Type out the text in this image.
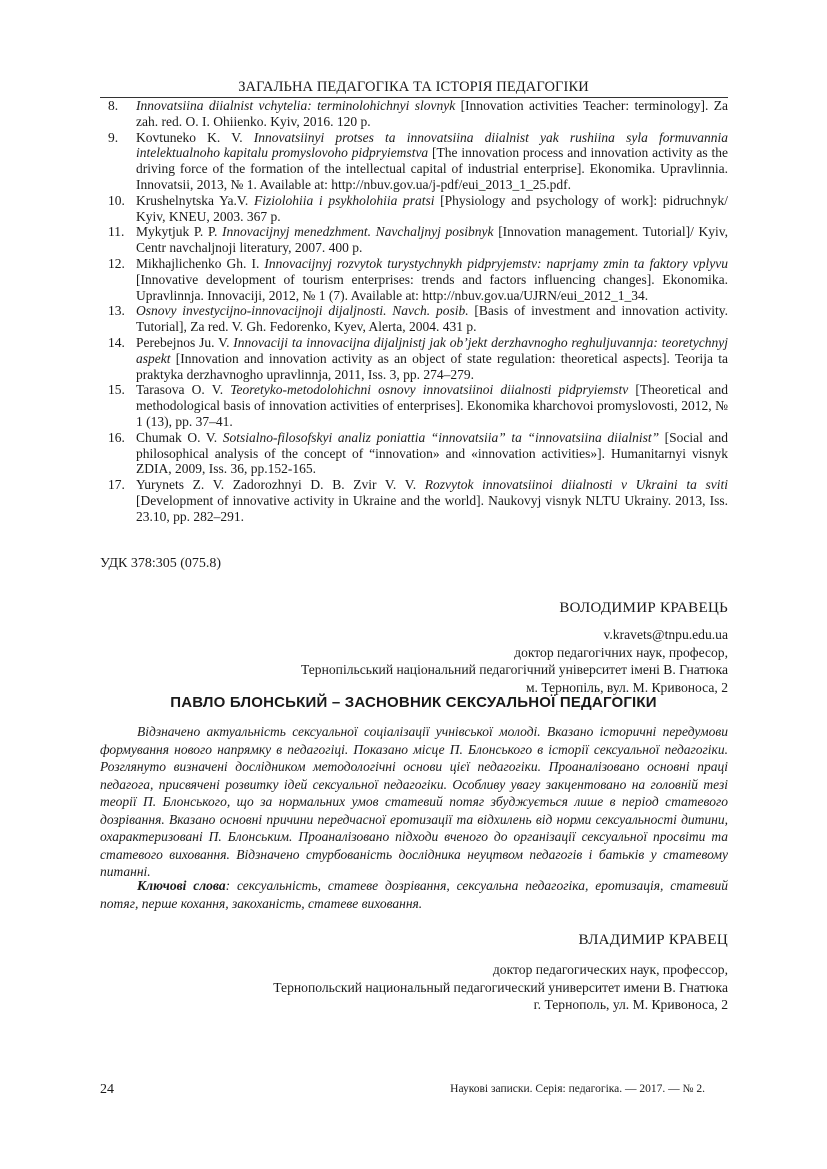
ЗАГАЛЬНА ПЕДАГОГІКА ТА ІСТОРІЯ ПЕДАГОГІКИ
8.	Innovatsiina diialnist vchytelia: terminolohichnyi slovnyk [Innovation activities Teacher: terminology]. Za zah. red. O. I. Ohiienko. Kyiv, 2016. 120 p.
9.	Kovtuneko K. V. Innovatsiinyi protses ta innovatsiina diialnist yak rushiina syla formuvannia intelektualnoho kapitalu promyslovoho pidpryiemstva [The innovation process and innovation activity as the driving force of the formation of the intellectual capital of industrial enterprise]. Ekonomika. Upravlinnia. Innovatsii, 2013, № 1. Available at: http://nbuv.gov.ua/j-pdf/eui_2013_1_25.pdf.
10. Krushelnytska Ya.V. Fiziolohiia i psykholohiia pratsi [Physiology and psychology of work]: pidruchnyk/ Kyiv, KNEU, 2003. 367 p.
11. Mykytjuk P. P. Innovacijnyj menedzhment. Navchaljnyj posibnyk [Innovation management. Tutorial]/ Kyiv, Centr navchaljnoji literatury, 2007. 400 p.
12. Mikhajlichenko Gh. I. Innovacijnyj rozvytok turystychnykh pidpryjemstv: naprjamy zmin ta faktory vplyvu [Innovative development of tourism enterprises: trends and factors influencing changes]. Ekonomika. Upravlinnja. Innovaciji, 2012, № 1 (7). Available at: http://nbuv.gov.ua/UJRN/eui_2012_1_34.
13. Osnovy investycijno-innovacijnoji dijaljnosti. Navch. posib. [Basis of investment and innovation activity. Tutorial], Za red. V. Gh. Fedorenko, Kyev, Alerta, 2004. 431 p.
14. Perebejnos Ju. V. Innovaciji ta innovacijna dijaljnistj jak ob’jekt derzhavnogho reghuljuvannja: teoretychnyj aspekt [Innovation and innovation activity as an object of state regulation: theoretical aspects]. Teorija ta praktyka derzhavnogho upravlinnja, 2011, Iss. 3, pp. 274–279.
15. Tarasova O. V. Teoretyko-metodolohichni osnovy innovatsiinoi diialnosti pidpryiemstv [Theoretical and methodological basis of innovation activities of enterprises]. Ekonomika kharchovoi promyslovosti, 2012, № 1 (13), pp. 37–41.
16. Chumak O. V. Sotsialno-filosofskyi analiz poniattia “innovatsiia” ta “innovatsiina diialnist” [Social and philosophical analysis of the concept of “innovation» and «innovation activities»]. Humanitarnyi visnyk ZDIA, 2009, Iss. 36, pp.152-165.
17. Yurynets Z. V. Zadorozhnyi D. B. Zvir V. V. Rozvytok innovatsiinoi diialnosti v Ukraini ta sviti [Development of innovative activity in Ukraine and the world]. Naukovyj visnyk NLTU Ukrainy. 2013, Iss. 23.10, pp. 282–291.
УДК 378:305 (075.8)
ВОЛОДИМИР КРАВЕЦЬ
v.kravets@tnpu.edu.ua
доктор педагогічних наук, професор,
Тернопільський національний педагогічний університет імені В. Гнатюка
м. Тернопіль, вул. М. Кривоноса, 2
ПАВЛО БЛОНСЬКИЙ – ЗАСНОВНИК СЕКСУАЛЬНОЇ ПЕДАГОГІКИ

Відзначено актуальність сексуальної соціалізації учнівської молоді. Вказано історичні передумови формування нового напрямку в педагогіці. Показано місце П. Блонського в історії сексуальної педагогіки. Розглянуто визначені дослідником методологічні основи цієї педагогіки. Проаналізовано основні праці педагога, присвячені розвитку ідей сексуальної педагогіки. Особливу увагу закцентовано на головній тезі теорії П. Блонського, що за нормальних умов статевий потяг збуджується лише в період статевого дозрівання. Вказано основні причини передчасної еротизації та відхилень від норми сексуальності дитини, охарактеризовані П. Блонським. Проаналізовано підходи вченого до організації сексуальної просвіти та статевого виховання. Відзначено стурбованість дослідника неуцтвом педагогів і батьків у статевому питанні.

Ключові слова: сексуальність, статеве дозрівання, сексуальна педагогіка, еротизація, статевий потяг, перше кохання, закоханість, статеве виховання.

ВЛАДИМИР КРАВЕЦ
доктор педагогических наук, профессор,
Тернопольский национальный педагогический университет имени В. Гнатюка
г. Тернополь, ул. М. Кривоноса, 2
24	Наукові записки. Серія: педагогіка. — 2017. — № 2.
